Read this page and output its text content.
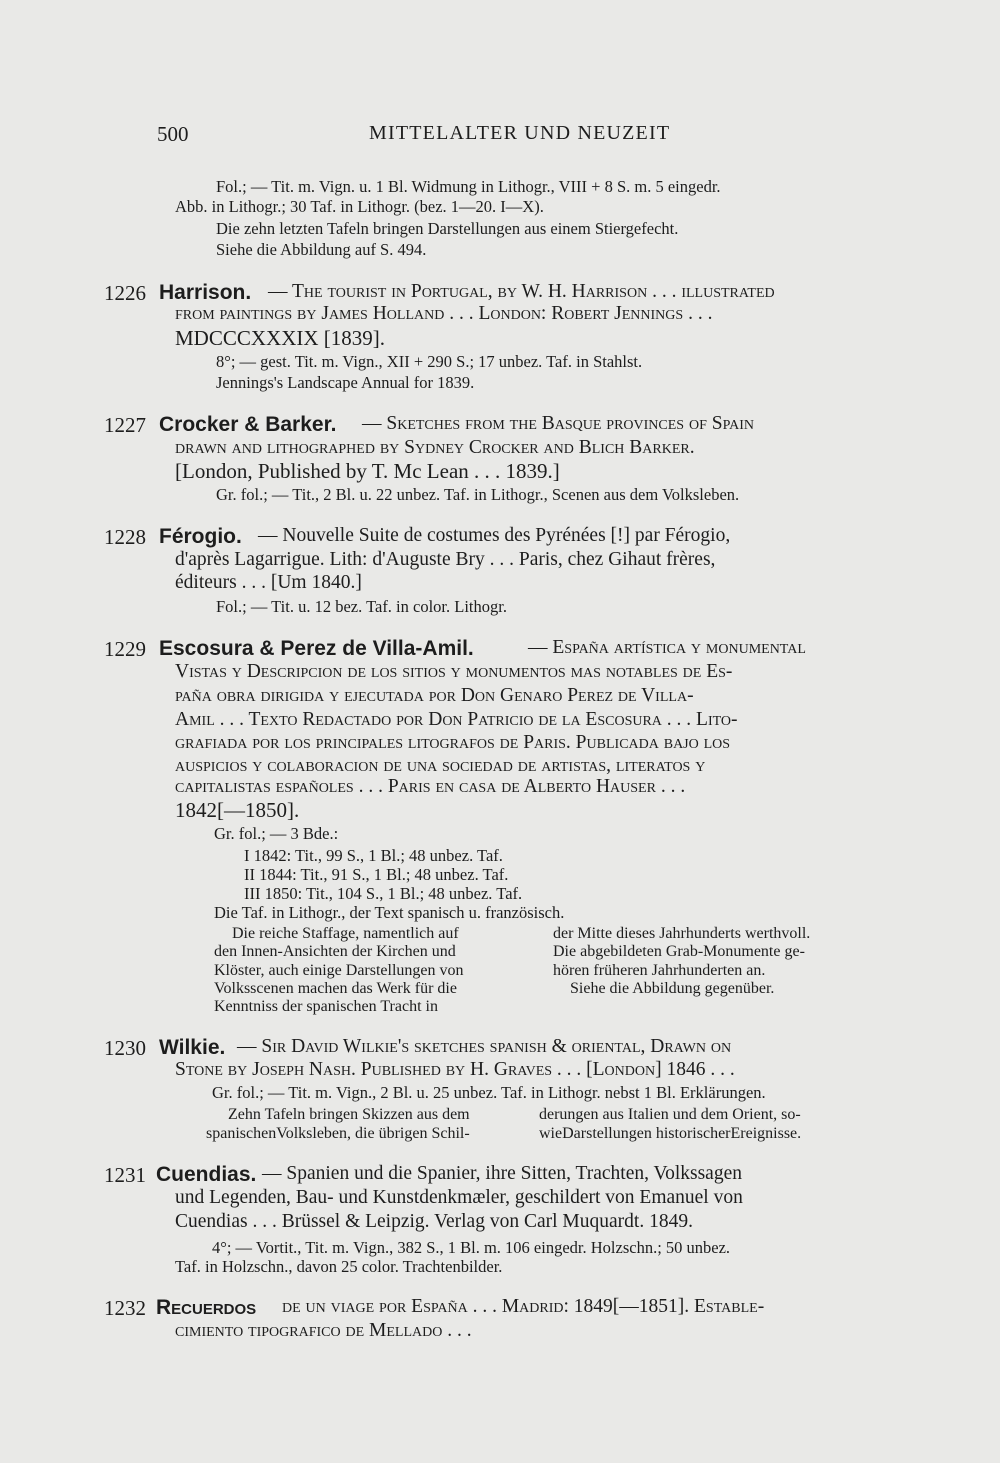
500	MITTELALTER UND NEUZEIT
Fol.; — Tit. m. Vign. u. 1 Bl. Widmung in Lithogr., VIII + 8 S. m. 5 eingedr.
Abb. in Lithogr.; 30 Taf. in Lithogr. (bez. 1—20. I—X).
Die zehn letzten Tafeln bringen Darstellungen aus einem Stiergefecht.
Siehe die Abbildung auf S. 494.
1226 Harrison. — The tourist in Portugal, by W. H. Harrison . . . illustrated
from paintings by James Holland . . . London: Robert Jennings . . .
MDCCCXXXIX [1839].
8°; — gest. Tit. m. Vign., XII + 290 S.; 17 unbez. Taf. in Stahlst.
Jennings's Landscape Annual for 1839.
1227 Crocker & Barker. — Sketches from the Basque provinces of Spain
drawn and lithographed by Sydney Crocker and Blich Barker.
[London, Published by T. Mc Lean . . . 1839.]
Gr. fol.; — Tit., 2 Bl. u. 22 unbez. Taf. in Lithogr., Scenen aus dem Volksleben.
1228 Férogio. — Nouvelle Suite de costumes des Pyrénées [!] par Férogio,
d'après Lagarrigue. Lith: d'Auguste Bry . . . Paris, chez Gihaut frères,
éditeurs . . . [Um 1840.]
Fol.; — Tit. u. 12 bez. Taf. in color. Lithogr.
1229 Escosura & Perez de Villa-Amil.	— España artística y monumental
Vistas y Descripcion de los sitios y monumentos mas notables de Es-
paña obra dirigida y ejecutada por Don Genaro Perez de Villa-
Amil . . . Texto Redactado por Don Patricio de la Escosura . . . Lito-
grafiada por los principales litografos de Paris. Publicada bajo los
auspicios y colaboracion de una sociedad de artistas, literatos y
capitalistas españoles . . . Paris en casa de Alberto Hauser . . .
1842[—1850].
Gr. fol.; — 3 Bde.:
I 1842: Tit., 99 S., 1 Bl.; 48 unbez. Taf.
II 1844: Tit., 91 S., 1 Bl.; 48 unbez. Taf.
III 1850: Tit., 104 S., 1 Bl.; 48 unbez. Taf.
Die Taf. in Lithogr., der Text spanisch u. französisch.
Die reiche Staffage, namentlich auf
den Innen-Ansichten der Kirchen und
Klöster, auch einige Darstellungen von
Volksscenen machen das Werk für die
Kenntniss der spanischen Tracht in
der Mitte dieses Jahrhunderts werthvoll.
Die abgebildeten Grab-Monumente ge-
hören früheren Jahrhunderten an.
Siehe die Abbildung gegenüber.
1230 Wilkie. — Sir David Wilkie's sketches spanish & oriental, Drawn on
Stone by Joseph Nash. Published by H. Graves . . . [London] 1846 . . .
Gr. fol.; — Tit. m. Vign., 2 Bl. u. 25 unbez. Taf. in Lithogr. nebst 1 Bl. Erklärungen.
Zehn Tafeln bringen Skizzen aus dem
spanischenVolksleben, die übrigen Schil-
derungen aus Italien und dem Orient, so-
wieDarstellungen historischerEreignisse.
1231 Cuendias. — Spanien und die Spanier, ihre Sitten, Trachten, Volkssagen
und Legenden, Bau- und Kunstdenkmæler, geschildert von Emanuel von
Cuendias . . . Brüssel & Leipzig. Verlag von Carl Muquardt. 1849.
4°; — Vortit., Tit. m. Vign., 382 S., 1 Bl. m. 106 eingedr. Holzschn.; 50 unbez.
Taf. in Holzschn., davon 25 color. Trachtenbilder.
1232 Recuerdos de un viage por España . . . Madrid: 1849[—1851]. Estable-
cimiento tipografico de Mellado . . .
